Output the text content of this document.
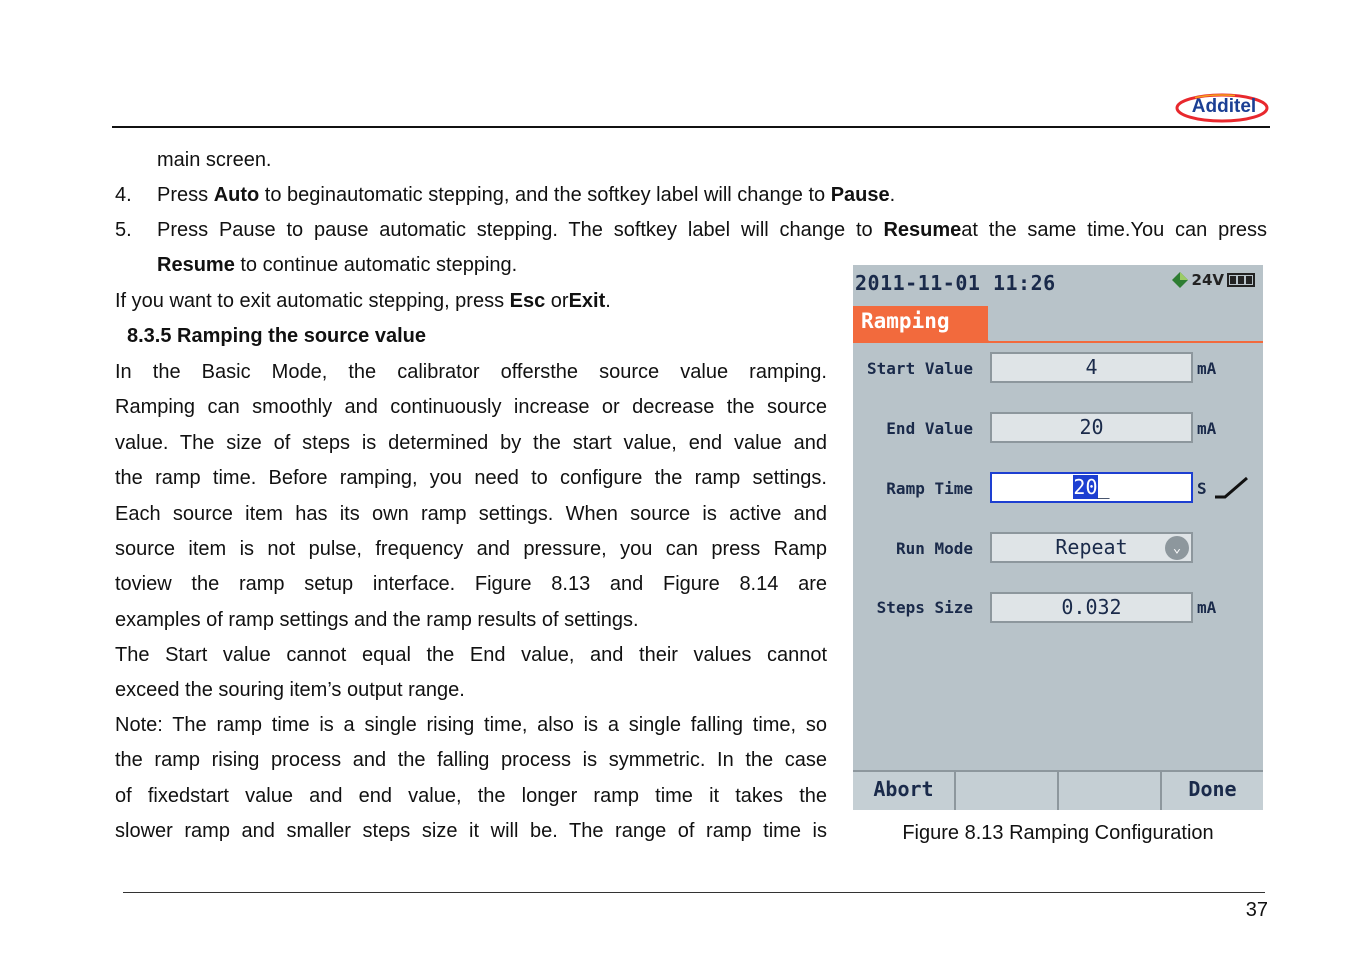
Additel
main screen.
4. Press Auto to beginautomatic stepping, and the softkey label will change to Pause.
5. Press Pause to pause automatic stepping. The softkey label will change to Resumeat the same time.You can press
Resume to continue automatic stepping.
If you want to exit automatic stepping, press Esc orExit.
8.3.5 Ramping the source value
In the Basic Mode, the calibrator offersthe source value ramping.
Ramping can smoothly and continuously increase or decrease the source
value. The size of steps is determined by the start value, end value and
the ramp time. Before ramping, you need to configure the ramp settings.
Each source item has its own ramp settings. When source is active and
source item is not pulse, frequency and pressure, you can press Ramp
toview the ramp setup interface. Figure 8.13 and Figure 8.14 are
examples of ramp settings and the ramp results of settings.
The Start value cannot equal the End value, and their values cannot
exceed the souring item’s output range.
Note: The ramp time is a single rising time, also is a single falling time, so
the ramp rising process and the falling process is symmetric. In the case
of fixedstart value and end value, the longer ramp time it takes the
slower ramp and smaller steps size it will be. The range of ramp time is
2011-11-01 11:26	24V
Ramping
Start Value	4	mA
End Value	20	mA
Ramp Time	20_	S
Run Mode	Repeat	⌄
Steps Size	0.032	mA
Abort	Done
Figure 8.13 Ramping Configuration
37
